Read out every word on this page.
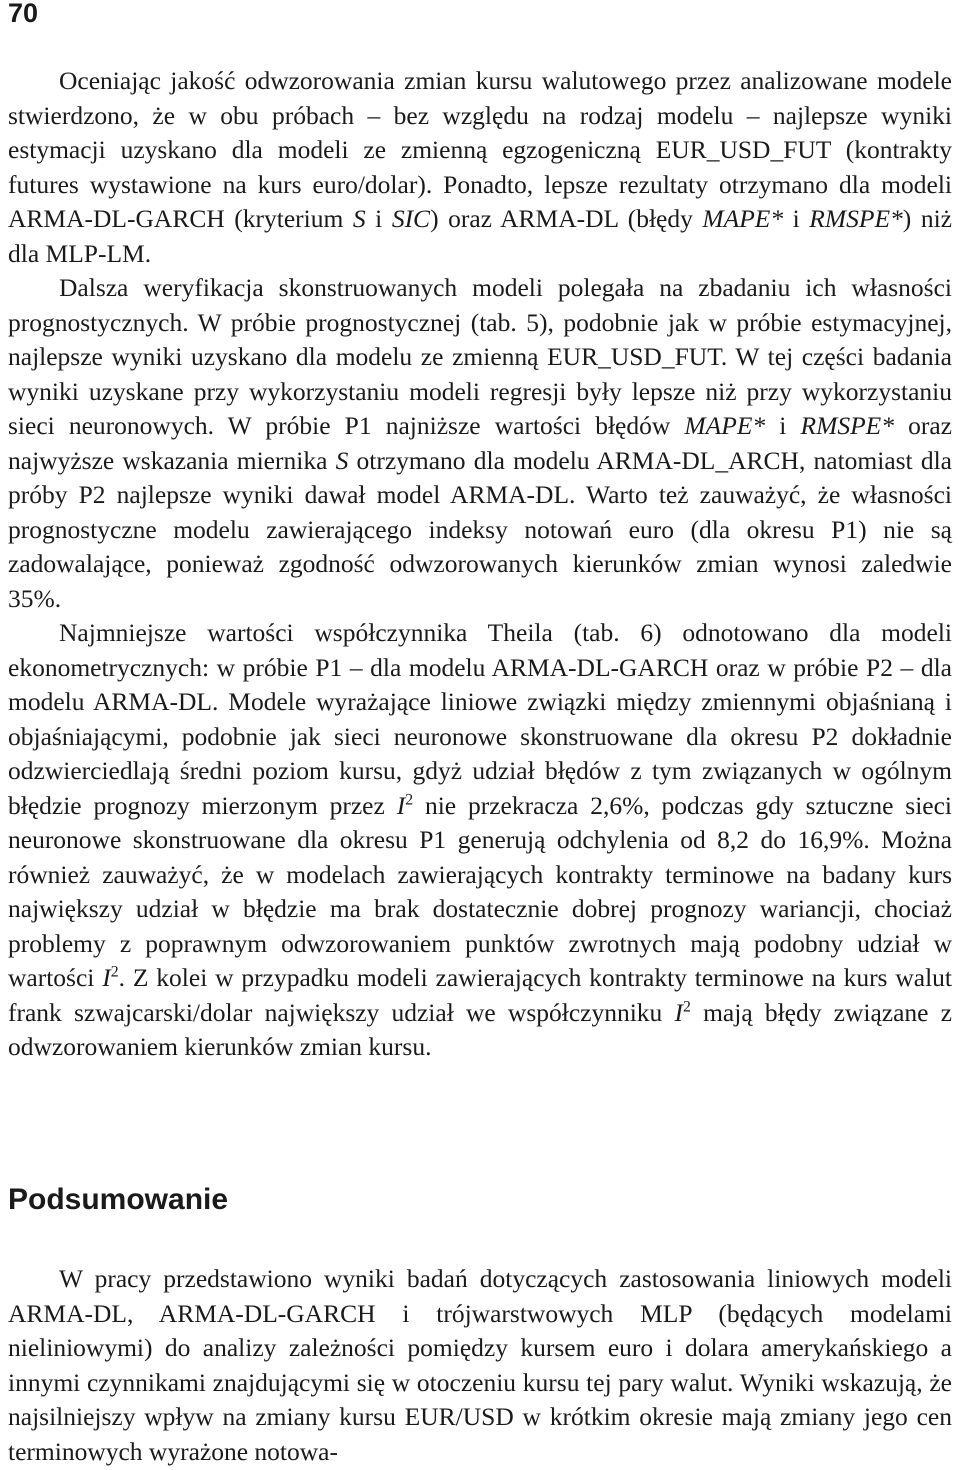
70

Oceniając jakość odwzorowania zmian kursu walutowego przez analizowane modele stwierdzono, że w obu próbach – bez względu na rodzaj modelu – najlepsze wyniki estymacji uzyskano dla modeli ze zmienną egzogeniczną EUR_USD_FUT (kontrakty futures wystawione na kurs euro/dolar). Ponadto, lepsze rezultaty otrzymano dla modeli ARMA-DL-GARCH (kryterium S i SIC) oraz ARMA-DL (błędy MAPE* i RMSPE*) niż dla MLP-LM.

Dalsza weryfikacja skonstruowanych modeli polegała na zbadaniu ich własności prognostycznych. W próbie prognostycznej (tab. 5), podobnie jak w próbie estymacyjnej, najlepsze wyniki uzyskano dla modelu ze zmienną EUR_USD_FUT. W tej części badania wyniki uzyskane przy wykorzystaniu modeli regresji były lepsze niż przy wykorzystaniu sieci neuronowych. W próbie P1 najniższe wartości błędów MAPE* i RMSPE* oraz najwyższe wskazania miernika S otrzymano dla modelu ARMA-DL_ARCH, natomiast dla próby P2 najlepsze wyniki dawał model ARMA-DL. Warto też zauważyć, że własności prognostyczne modelu zawierającego indeksy notowań euro (dla okresu P1) nie są zadowalające, ponieważ zgodność odwzorowanych kierunków zmian wynosi zaledwie 35%.

Najmniejsze wartości współczynnika Theila (tab. 6) odnotowano dla modeli ekonometrycznych: w próbie P1 – dla modelu ARMA-DL-GARCH oraz w próbie P2 – dla modelu ARMA-DL. Modele wyrażające liniowe związki między zmiennymi objaśnianą i objaśniającymi, podobnie jak sieci neuronowe skonstruowane dla okresu P2 dokładnie odzwierciedlają średni poziom kursu, gdyż udział błędów z tym związanych w ogólnym błędzie prognozy mierzonym przez $I^2$ nie przekracza 2,6%, podczas gdy sztuczne sieci neuronowe skonstruowane dla okresu P1 generują odchylenia od 8,2 do 16,9%. Można również zauważyć, że w modelach zawierających kontrakty terminowe na badany kurs największy udział w błędzie ma brak dostatecznie dobrej prognozy wariancji, chociaż problemy z poprawnym odwzorowaniem punktów zwrotnych mają podobny udział w wartości $I^2$. Z kolei w przypadku modeli zawierających kontrakty terminowe na kurs walut frank szwajcarski/dolar największy udział we współczynniku $I^2$ mają błędy związane z odwzorowaniem kierunków zmian kursu.

Podsumowanie

W pracy przedstawiono wyniki badań dotyczących zastosowania liniowych modeli ARMA-DL, ARMA-DL-GARCH i trójwarstwowych MLP (będących modelami nieliniowymi) do analizy zależności pomiędzy kursem euro i dolara amerykańskiego a innymi czynnikami znajdującymi się w otoczeniu kursu tej pary walut. Wyniki wskazują, że najsilniejszy wpływ na zmiany kursu EUR/USD w krótkim okresie mają zmiany jego cen terminowych wyrażone notowa-
